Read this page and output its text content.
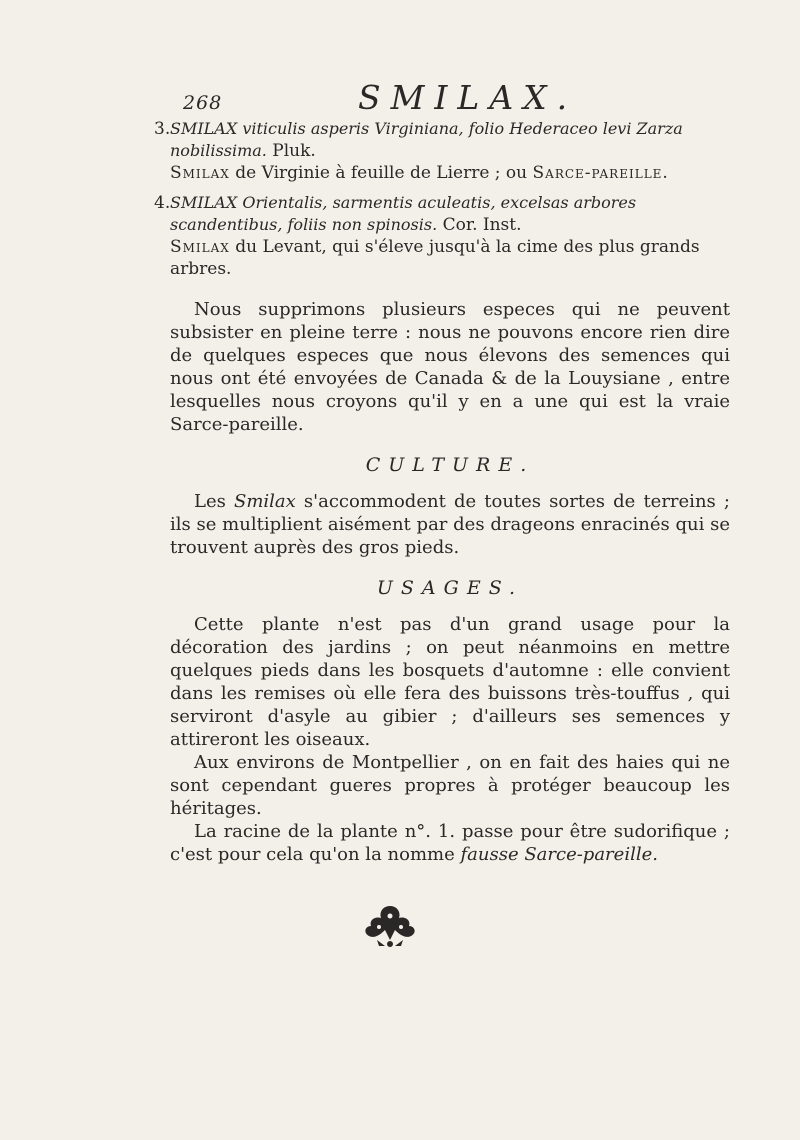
268	SMILAX.

3. SMILAX viticulis asperis Virginiana, folio Hederaceo levi Zarza nobilissima. Pluk.
Smilax de Virginie à feuille de Lierre ; ou Sarce-pareille.

4. SMILAX Orientalis, sarmentis aculeatis, excelsas arbores scandentibus, foliis non spinosis. Cor. Inst.
Smilax du Levant, qui s'éleve jusqu'à la cime des plus grands arbres.

Nous supprimons plusieurs especes qui ne peuvent subsister en pleine terre : nous ne pouvons encore rien dire de quelques especes que nous élevons des semences qui nous ont été envoyées de Canada & de la Louysiane , entre lesquelles nous croyons qu'il y en a une qui est la vraie Sarce-pareille.

CULTURE.

Les Smilax s'accommodent de toutes sortes de terreins ; ils se multiplient aisément par des drageons enracinés qui se trouvent auprès des gros pieds.

USAGES.

Cette plante n'est pas d'un grand usage pour la décoration des jardins ; on peut néanmoins en mettre quelques pieds dans les bosquets d'automne : elle convient dans les remises où elle fera des buissons très-touffus , qui serviront d'asyle au gibier ; d'ailleurs ses semences y attireront les oiseaux.

Aux environs de Montpellier , on en fait des haies qui ne sont cependant gueres propres à protéger beaucoup les héritages.

La racine de la plante n°. 1. passe pour être sudorifique ; c'est pour cela qu'on la nomme fausse Sarce-pareille.
